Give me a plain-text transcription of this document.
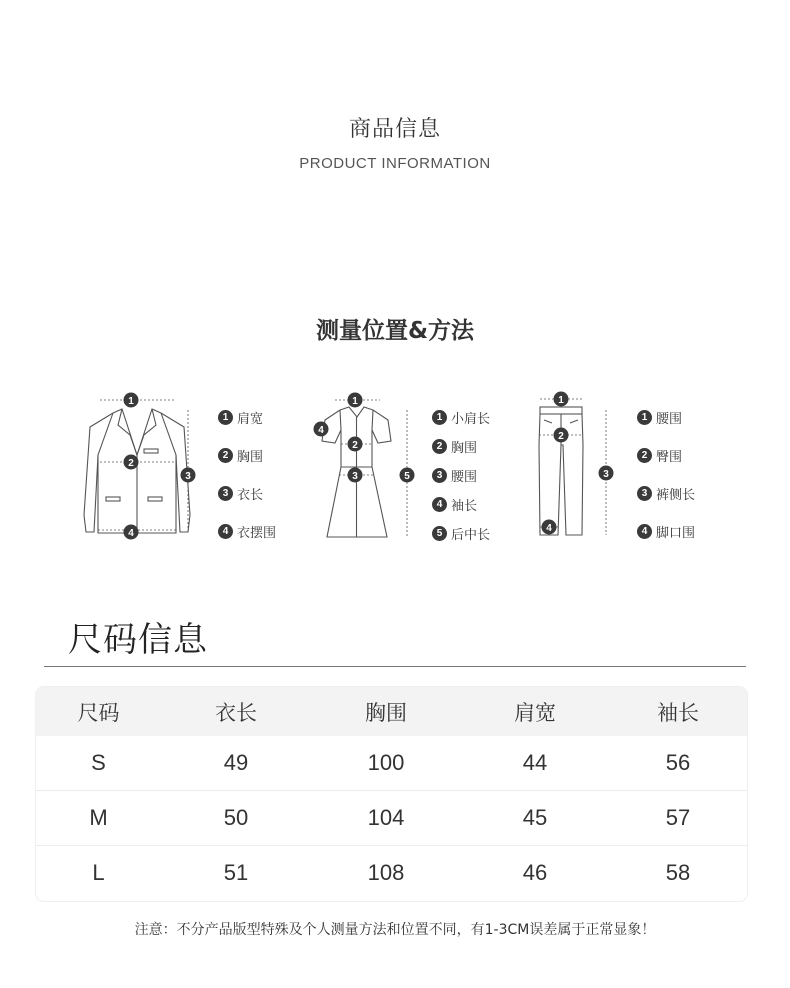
商品信息
PRODUCT INFORMATION
测量位置&方法
1
2
3
4
1 肩宽
2 胸围
3 衣长
4 衣摆围
1
2
3
4
5
1 小肩长
2 胸围
3 腰围
4 袖长
5 后中长
1
2
3
4
1 腰围
2 臀围
3 裤侧长
4 脚口围
尺码信息
尺码	衣长	胸围	肩宽	袖长
S	49	100	44	56
M	50	104	45	57
L	51	108	46	58
注意：不分产品版型特殊及个人测量方法和位置不同，有1-3CM误差属于正常显象！
